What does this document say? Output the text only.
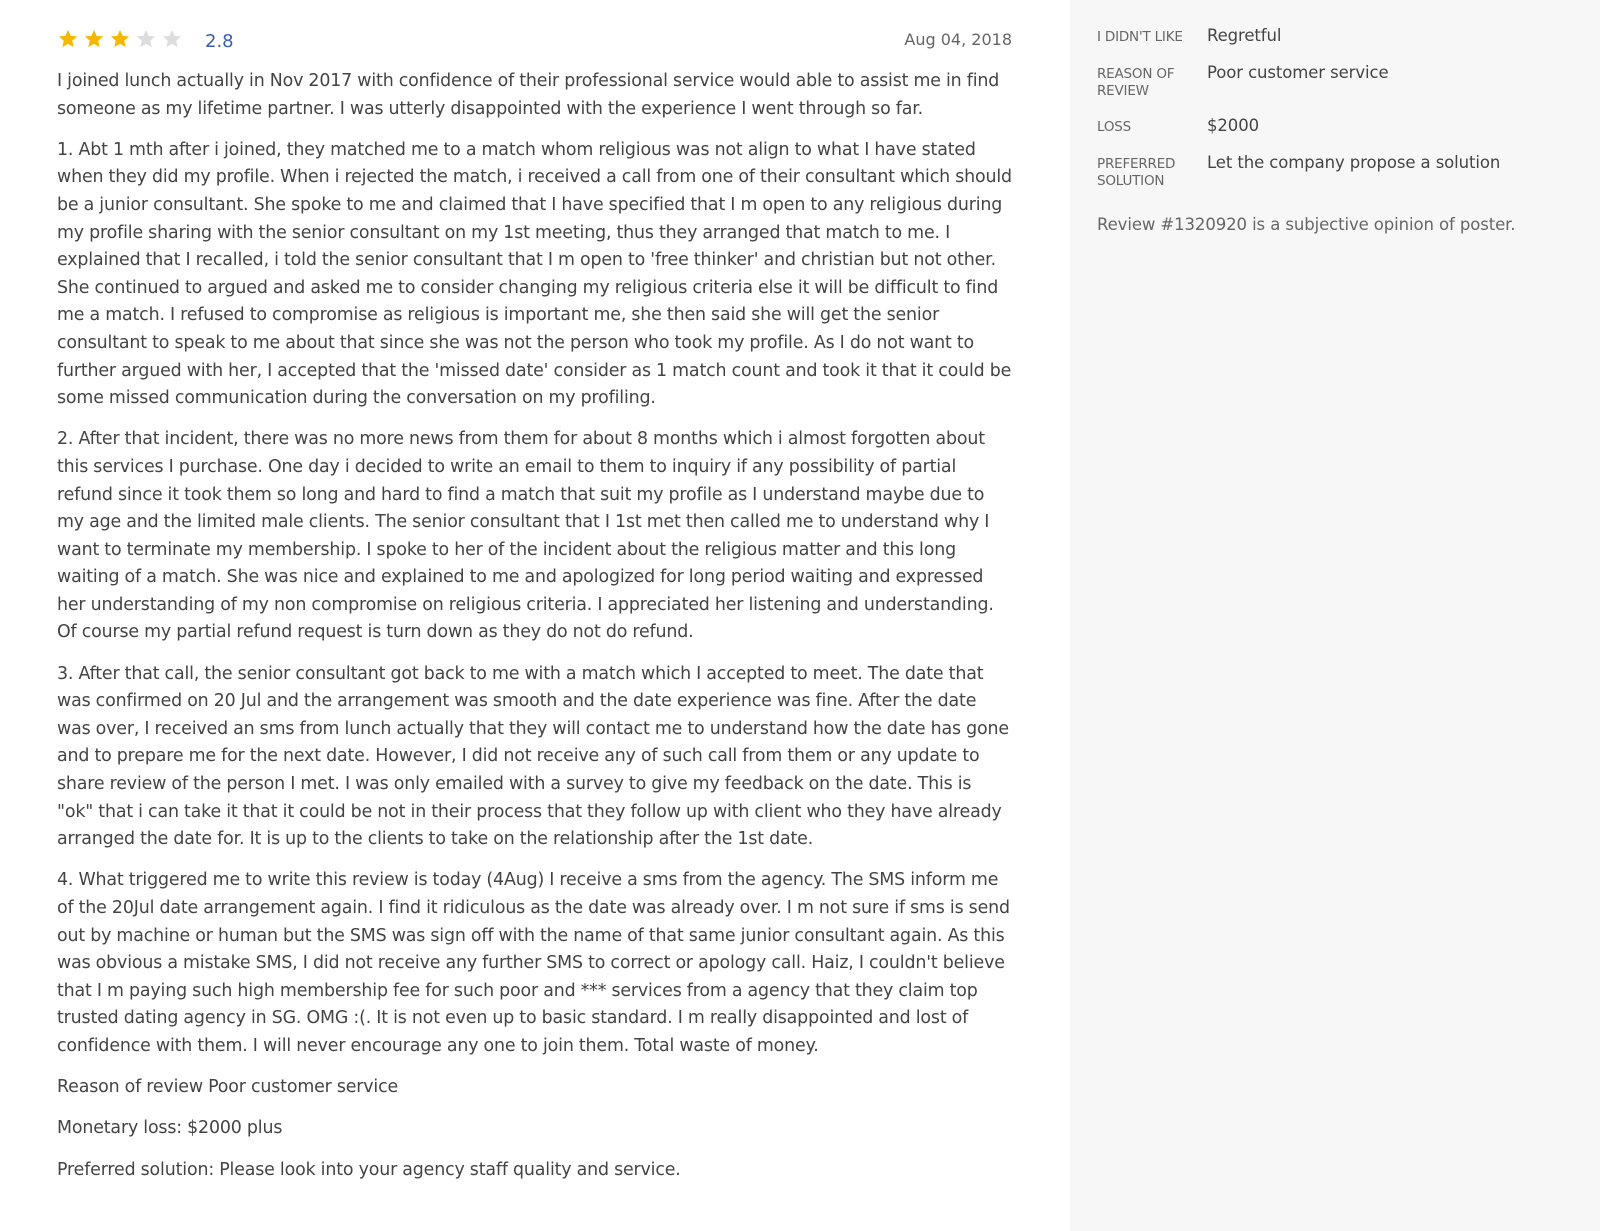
2.8	Aug 04, 2018

I joined lunch actually in Nov 2017 with confidence of their professional service would able to assist me in find someone as my lifetime partner. I was utterly disappointed with the experience I went through so far.

1. Abt 1 mth after i joined, they matched me to a match whom religious was not align to what I have stated when they did my profile. When i rejected the match, i received a call from one of their consultant which should be a junior consultant. She spoke to me and claimed that I have specified that I m open to any religious during my profile sharing with the senior consultant on my 1st meeting, thus they arranged that match to me. I explained that I recalled, i told the senior consultant that I m open to 'free thinker' and christian but not other. She continued to argued and asked me to consider changing my religious criteria else it will be difficult to find me a match. I refused to compromise as religious is important me, she then said she will get the senior consultant to speak to me about that since she was not the person who took my profile. As I do not want to further argued with her, I accepted that the 'missed date' consider as 1 match count and took it that it could be some missed communication during the conversation on my profiling.

2. After that incident, there was no more news from them for about 8 months which i almost forgotten about this services I purchase. One day i decided to write an email to them to inquiry if any possibility of partial refund since it took them so long and hard to find a match that suit my profile as I understand maybe due to my age and the limited male clients. The senior consultant that I 1st met then called me to understand why I want to terminate my membership. I spoke to her of the incident about the religious matter and this long waiting of a match. She was nice and explained to me and apologized for long period waiting and expressed her understanding of my non compromise on religious criteria. I appreciated her listening and understanding. Of course my partial refund request is turn down as they do not do refund.

3. After that call, the senior consultant got back to me with a match which I accepted to meet. The date that was confirmed on 20 Jul and the arrangement was smooth and the date experience was fine. After the date was over, I received an sms from lunch actually that they will contact me to understand how the date has gone and to prepare me for the next date. However, I did not receive any of such call from them or any update to share review of the person I met. I was only emailed with a survey to give my feedback on the date. This is "ok" that i can take it that it could be not in their process that they follow up with client who they have already arranged the date for. It is up to the clients to take on the relationship after the 1st date.

4. What triggered me to write this review is today (4Aug) I receive a sms from the agency. The SMS inform me of the 20Jul date arrangement again. I find it ridiculous as the date was already over. I m not sure if sms is send out by machine or human but the SMS was sign off with the name of that same junior consultant again. As this was obvious a mistake SMS, I did not receive any further SMS to correct or apology call. Haiz, I couldn't believe that I m paying such high membership fee for such poor and *** services from a agency that they claim top trusted dating agency in SG. OMG :(. It is not even up to basic standard. I m really disappointed and lost of confidence with them. I will never encourage any one to join them. Total waste of money.

Reason of review Poor customer service

Monetary loss: $2000 plus

Preferred solution: Please look into your agency staff quality and service.

I DIDN'T LIKE	Regretful
REASON OF REVIEW
Poor customer service
LOSS	$2000
PREFERRED SOLUTION
Let the company propose a solution
Review #1320920 is a subjective opinion of poster.
